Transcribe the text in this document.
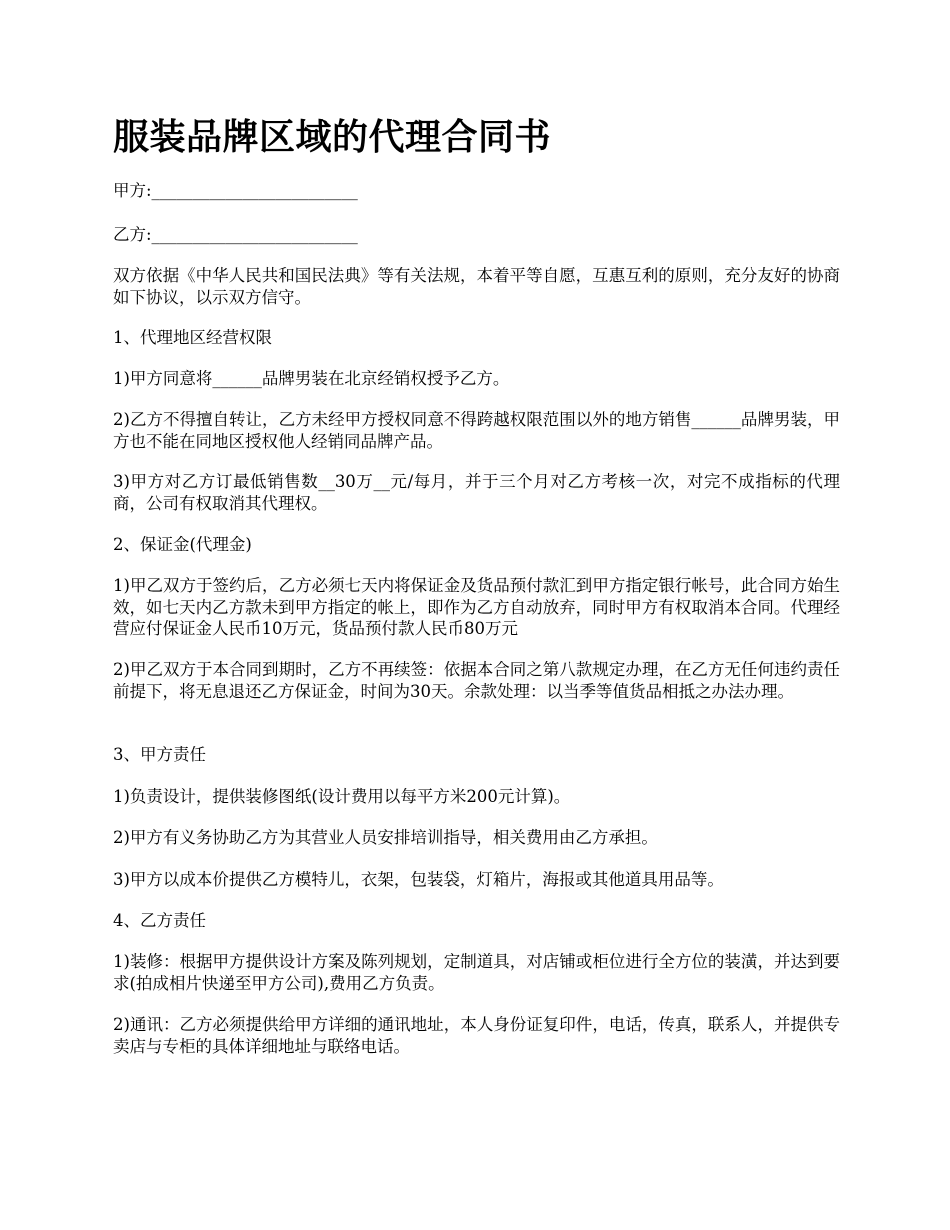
服装品牌区域的代理合同书

甲方:_________________________

乙方:_________________________

双方依据《中华人民共和国民法典》等有关法规，本着平等自愿，互惠互利的原则，充分友好的协商如下协议，以示双方信守。

1、代理地区经营权限

1)甲方同意将______品牌男装在北京经销权授予乙方。

2)乙方不得擅自转让，乙方未经甲方授权同意不得跨越权限范围以外的地方销售______品牌男装，甲方也不能在同地区授权他人经销同品牌产品。

3)甲方对乙方订最低销售数__30万__元/每月，并于三个月对乙方考核一次，对完不成指标的代理商，公司有权取消其代理权。

2、保证金(代理金)

1)甲乙双方于签约后，乙方必须七天内将保证金及货品预付款汇到甲方指定银行帐号，此合同方始生效，如七天内乙方款未到甲方指定的帐上，即作为乙方自动放弃，同时甲方有权取消本合同。代理经营应付保证金人民币10万元，货品预付款人民币80万元

2)甲乙双方于本合同到期时，乙方不再续签：依据本合同之第八款规定办理，在乙方无任何违约责任前提下，将无息退还乙方保证金，时间为30天。余款处理：以当季等值货品相抵之办法办理。

3、甲方责任

1)负责设计，提供装修图纸(设计费用以每平方米200元计算)。

2)甲方有义务协助乙方为其营业人员安排培训指导，相关费用由乙方承担。

3)甲方以成本价提供乙方模特儿，衣架，包装袋，灯箱片，海报或其他道具用品等。

4、乙方责任

1)装修：根据甲方提供设计方案及陈列规划，定制道具，对店铺或柜位进行全方位的装潢，并达到要求(拍成相片快递至甲方公司),费用乙方负责。

2)通讯：乙方必须提供给甲方详细的通讯地址，本人身份证复印件，电话，传真，联系人，并提供专卖店与专柜的具体详细地址与联络电话。
